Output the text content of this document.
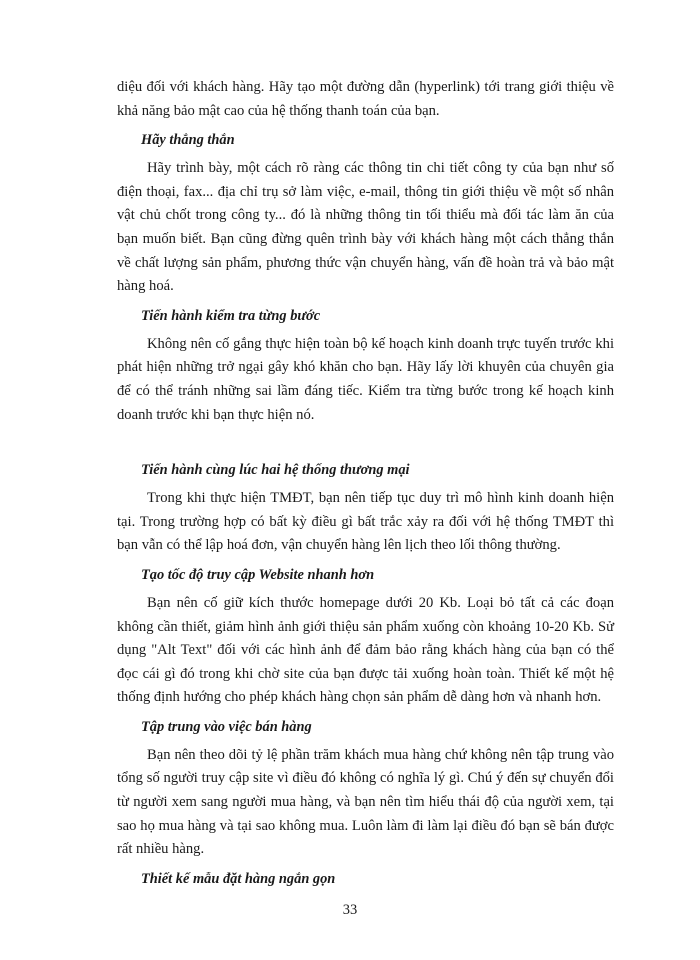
diệu đối với khách hàng. Hãy tạo một đường dẫn (hyperlink) tới trang giới thiệu về khả năng bảo mật cao của hệ thống thanh toán của bạn.

Hãy thẳng thắn

Hãy trình bày, một cách rõ ràng các thông tin chi tiết công ty của bạn như số điện thoại, fax... địa chỉ trụ sở làm việc, e-mail, thông tin giới thiệu về một số nhân vật chủ chốt trong công ty... đó là những thông tin tối thiểu mà đối tác làm ăn của bạn muốn biết. Bạn cũng đừng quên trình bày với khách hàng một cách thẳng thắn về chất lượng sản phẩm, phương thức vận chuyển hàng, vấn đề hoàn trả và bảo mật hàng hoá.

Tiến hành kiểm tra từng bước

Không nên cố gắng thực hiện toàn bộ kế hoạch kinh doanh trực tuyến trước khi phát hiện những trở ngại gây khó khăn cho bạn. Hãy lấy lời khuyên của chuyên gia để có thể tránh những sai lầm đáng tiếc. Kiểm tra từng bước trong kế hoạch kinh doanh trước khi bạn thực hiện nó.

Tiến hành cùng lúc hai hệ thống thương mại

Trong khi thực hiện TMĐT, bạn nên tiếp tục duy trì mô hình kinh doanh hiện tại. Trong trường hợp có bất kỳ điều gì bất trắc xảy ra đối với hệ thống TMĐT thì bạn vẫn có thể lập hoá đơn, vận chuyển hàng lên lịch theo lối thông thường.

Tạo tốc độ truy cập Website nhanh hơn

Bạn nên cố giữ kích thước homepage dưới 20 Kb. Loại bỏ tất cả các đoạn không cần thiết, giảm hình ảnh giới thiệu sản phẩm xuống còn khoảng 10-20 Kb. Sử dụng "Alt Text" đối với các hình ảnh để đảm bảo rằng khách hàng của bạn có thể đọc cái gì đó trong khi chờ site của bạn được tải xuống hoàn toàn. Thiết kế một hệ thống định hướng cho phép khách hàng chọn sản phẩm dễ dàng hơn và nhanh hơn.

Tập trung vào việc bán hàng

Bạn nên theo dõi tỷ lệ phần trăm khách mua hàng chứ không nên tập trung vào tổng số người truy cập site vì điều đó không có nghĩa lý gì. Chú ý đến sự chuyển đổi từ người xem sang người mua hàng, và bạn nên tìm hiểu thái độ của người xem, tại sao họ mua hàng và tại sao không mua. Luôn làm đi làm lại điều đó bạn sẽ bán được rất nhiều hàng.

Thiết kế mẫu đặt hàng ngắn gọn
33
